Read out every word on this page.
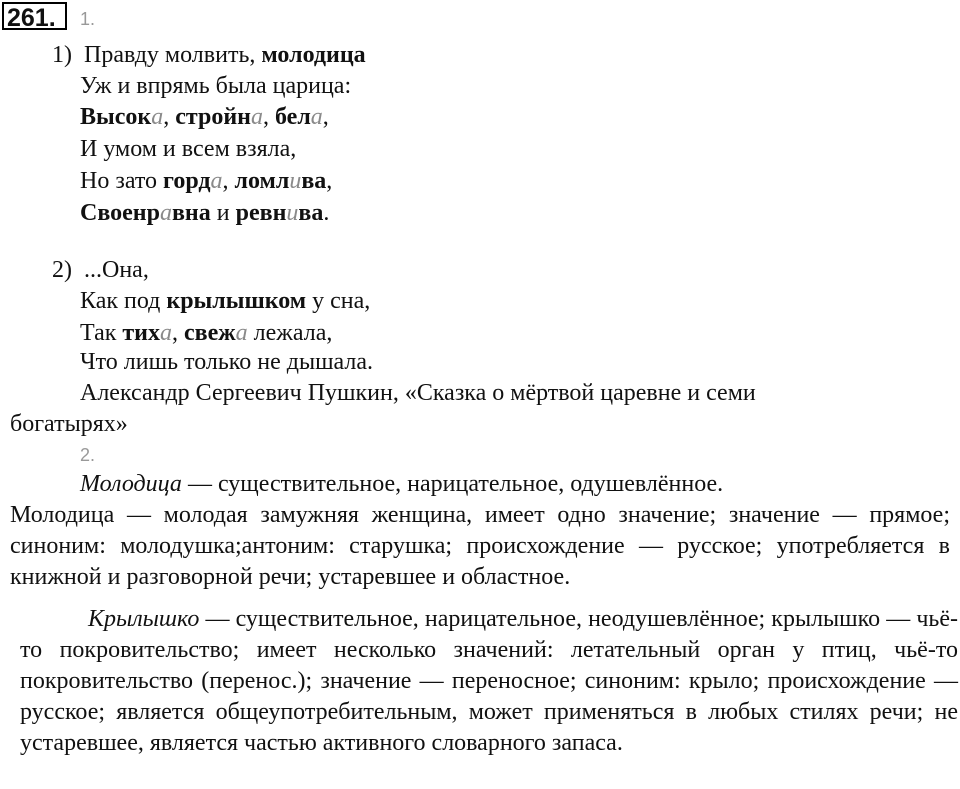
261.	1.
1) Правду молвить, молодица
Уж и впрямь была царица:
Высока, стройна, бела,
И умом и всем взяла,
Но зато горда, ломлива,
Своенравна и ревнива.
2) ...Она,
Как под крылышком у сна,
Так тиха, свежа лежала,
Что лишь только не дышала.
Александр Сергеевич Пушкин, «Сказка о мёртвой царевне и семи
богатырях»
2.
Молодица — существительное, нарицательное, одушевлённое.
Молодица — молодая замужняя женщина, имеет одно значение; значение — прямое; синоним: молодушка;антоним: старушка; происхождение — русское; употребляется в книжной и разговорной речи; устаревшее и областное.
Крылышко — существительное, нарицательное, неодушевлённое; крылышко — чьё-то покровительство; имеет несколько значений: летательный орган у птиц, чьё-то покровительство (перенос.); значение — переносное; синоним: крыло; происхождение — русское; является общеупотребительным, может применяться в любых стилях речи; не устаревшее, является частью активного словарного запаса.
